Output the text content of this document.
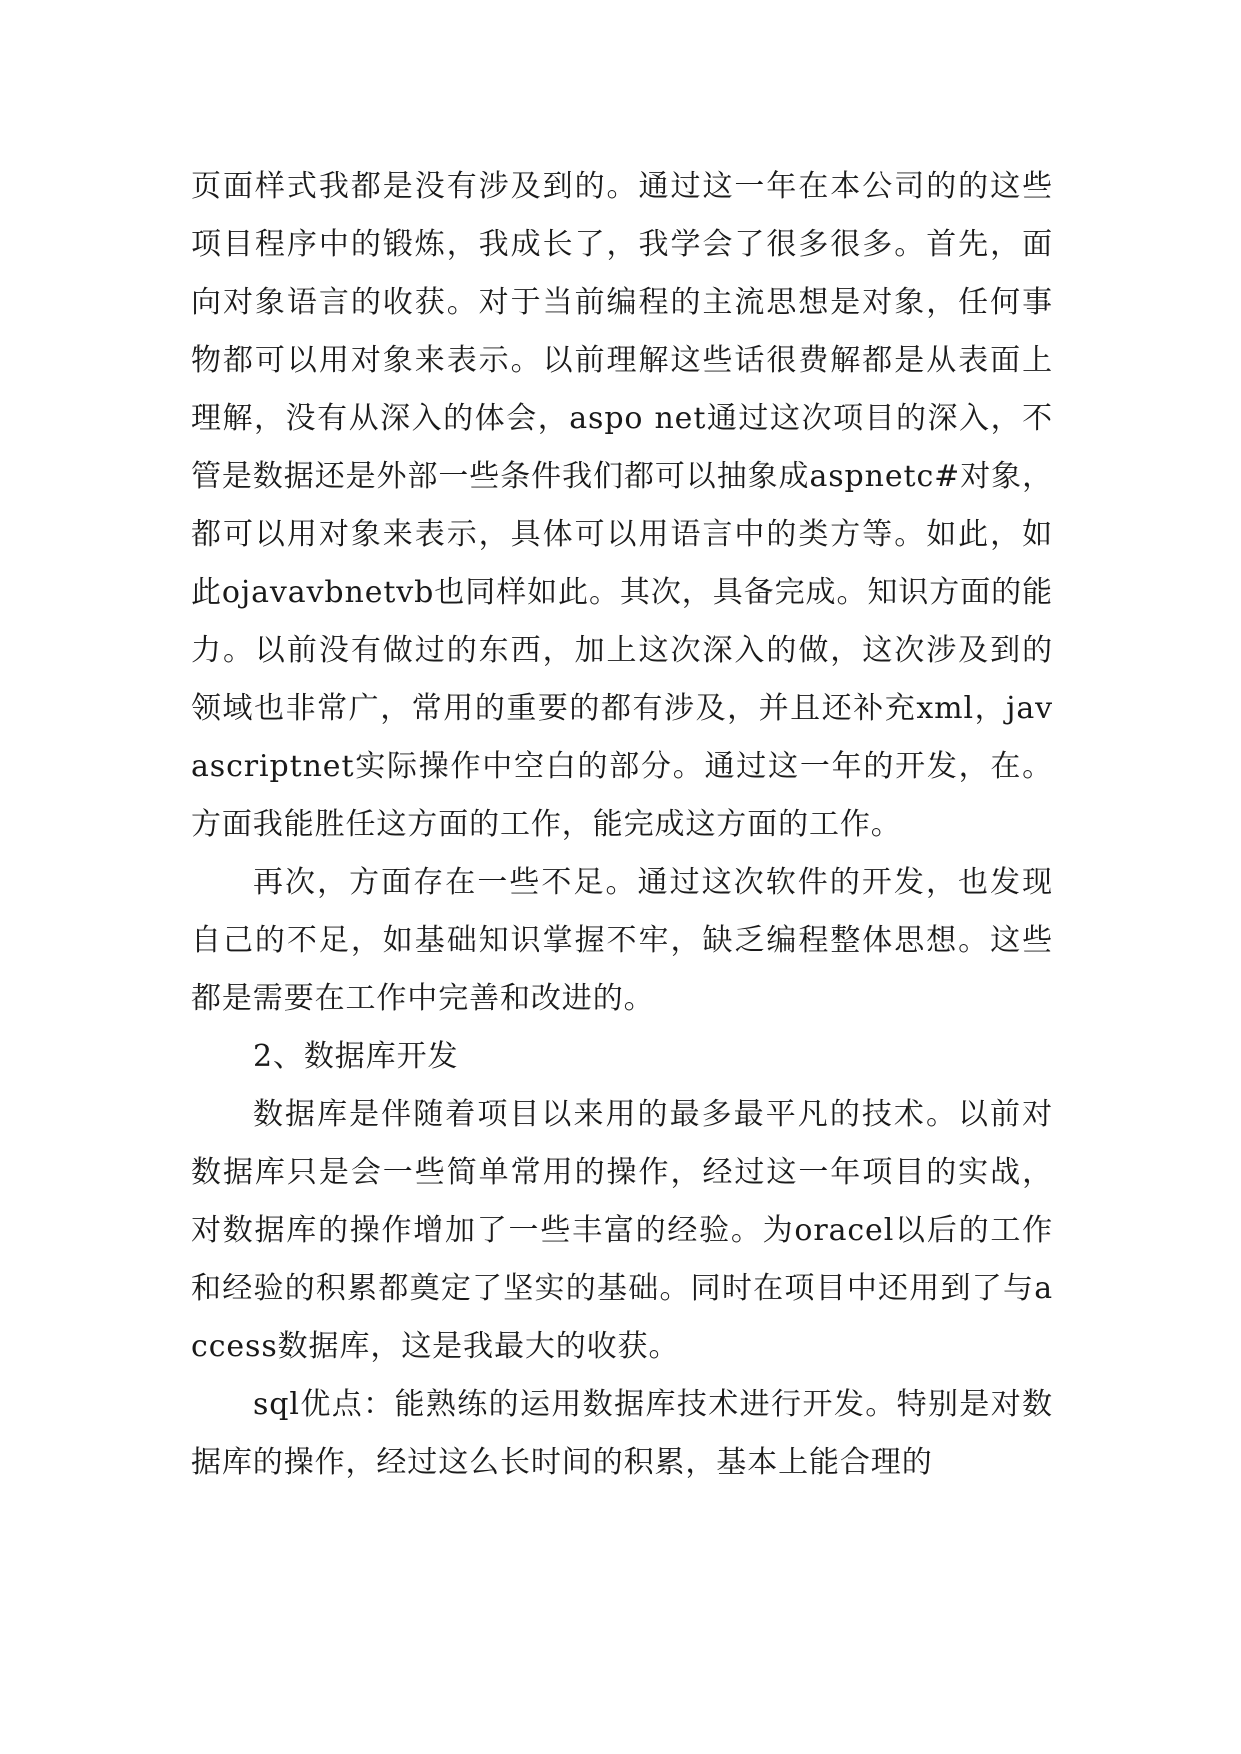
页面样式我都是没有涉及到的。通过这一年在本公司的的这些项目程序中的锻炼，我成长了，我学会了很多很多。首先，面向对象语言的收获。对于当前编程的主流思想是对象，任何事物都可以用对象来表示。以前理解这些话很费解都是从表面上理解，没有从深入的体会，aspo net通过这次项目的深入，不管是数据还是外部一些条件我们都可以抽象成aspnetc#对象，都可以用对象来表示，具体可以用语言中的类方等。如此，如此ojavavbnetvb也同样如此。其次，具备完成。知识方面的能力。以前没有做过的东西，加上这次深入的做，这次涉及到的领域也非常广，常用的重要的都有涉及，并且还补充xml，javascriptnet实际操作中空白的部分。通过这一年的开发，在。方面我能胜任这方面的工作，能完成这方面的工作。

再次，方面存在一些不足。通过这次软件的开发，也发现自己的不足，如基础知识掌握不牢，缺乏编程整体思想。这些都是需要在工作中完善和改进的。

2、数据库开发

数据库是伴随着项目以来用的最多最平凡的技术。以前对数据库只是会一些简单常用的操作，经过这一年项目的实战，对数据库的操作增加了一些丰富的经验。为oracel以后的工作和经验的积累都奠定了坚实的基础。同时在项目中还用到了与access数据库，这是我最大的收获。

sql优点：能熟练的运用数据库技术进行开发。特别是对数据库的操作，经过这么长时间的积累，基本上能合理的
